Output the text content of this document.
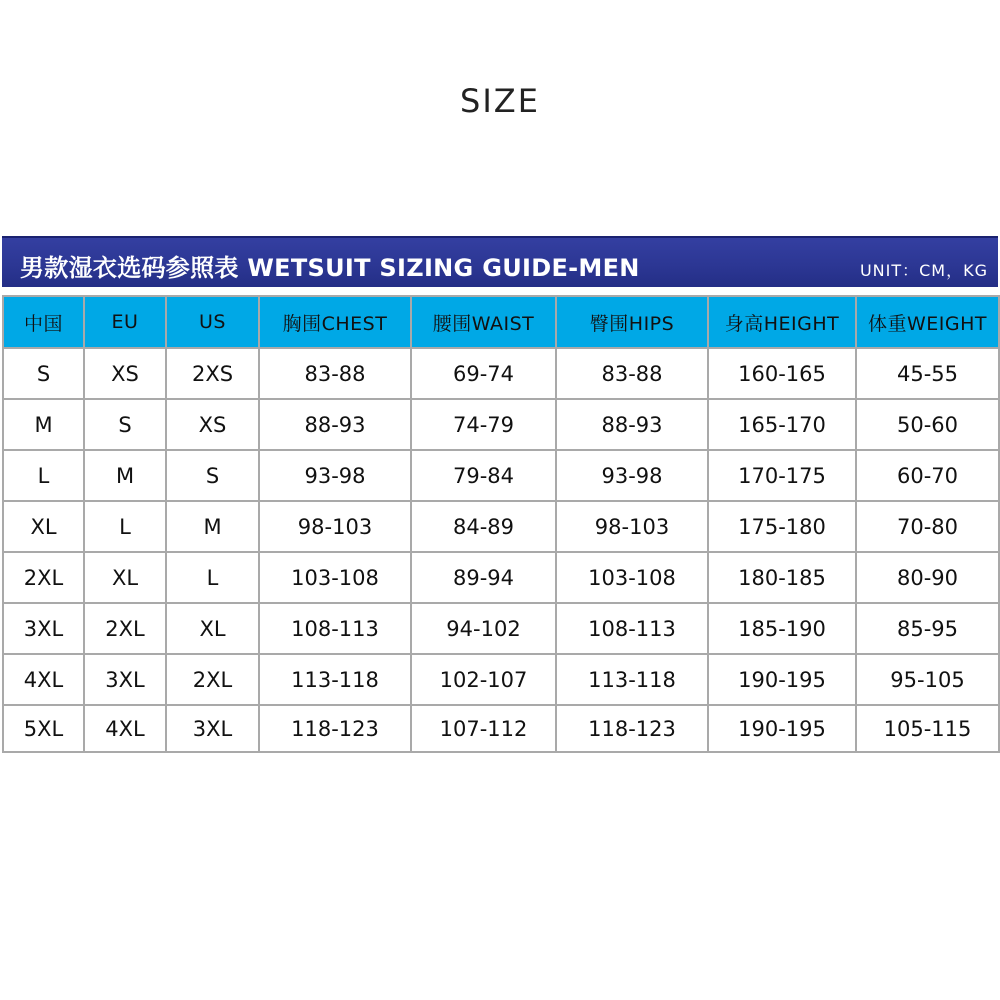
SIZE
男款湿衣选码参照表 WETSUIT SIZING GUIDE-MEN	UNIT：CM，KG
中国	EU	US	胸围CHEST	腰围WAIST	臀围HIPS	身高HEIGHT	体重WEIGHT
S	XS	2XS	83-88	69-74	83-88	160-165	45-55
M	S	XS	88-93	74-79	88-93	165-170	50-60
L	M	S	93-98	79-84	93-98	170-175	60-70
XL	L	M	98-103	84-89	98-103	175-180	70-80
2XL	XL	L	103-108	89-94	103-108	180-185	80-90
3XL	2XL	XL	108-113	94-102	108-113	185-190	85-95
4XL	3XL	2XL	113-118	102-107	113-118	190-195	95-105
5XL	4XL	3XL	118-123	107-112	118-123	190-195	105-115
